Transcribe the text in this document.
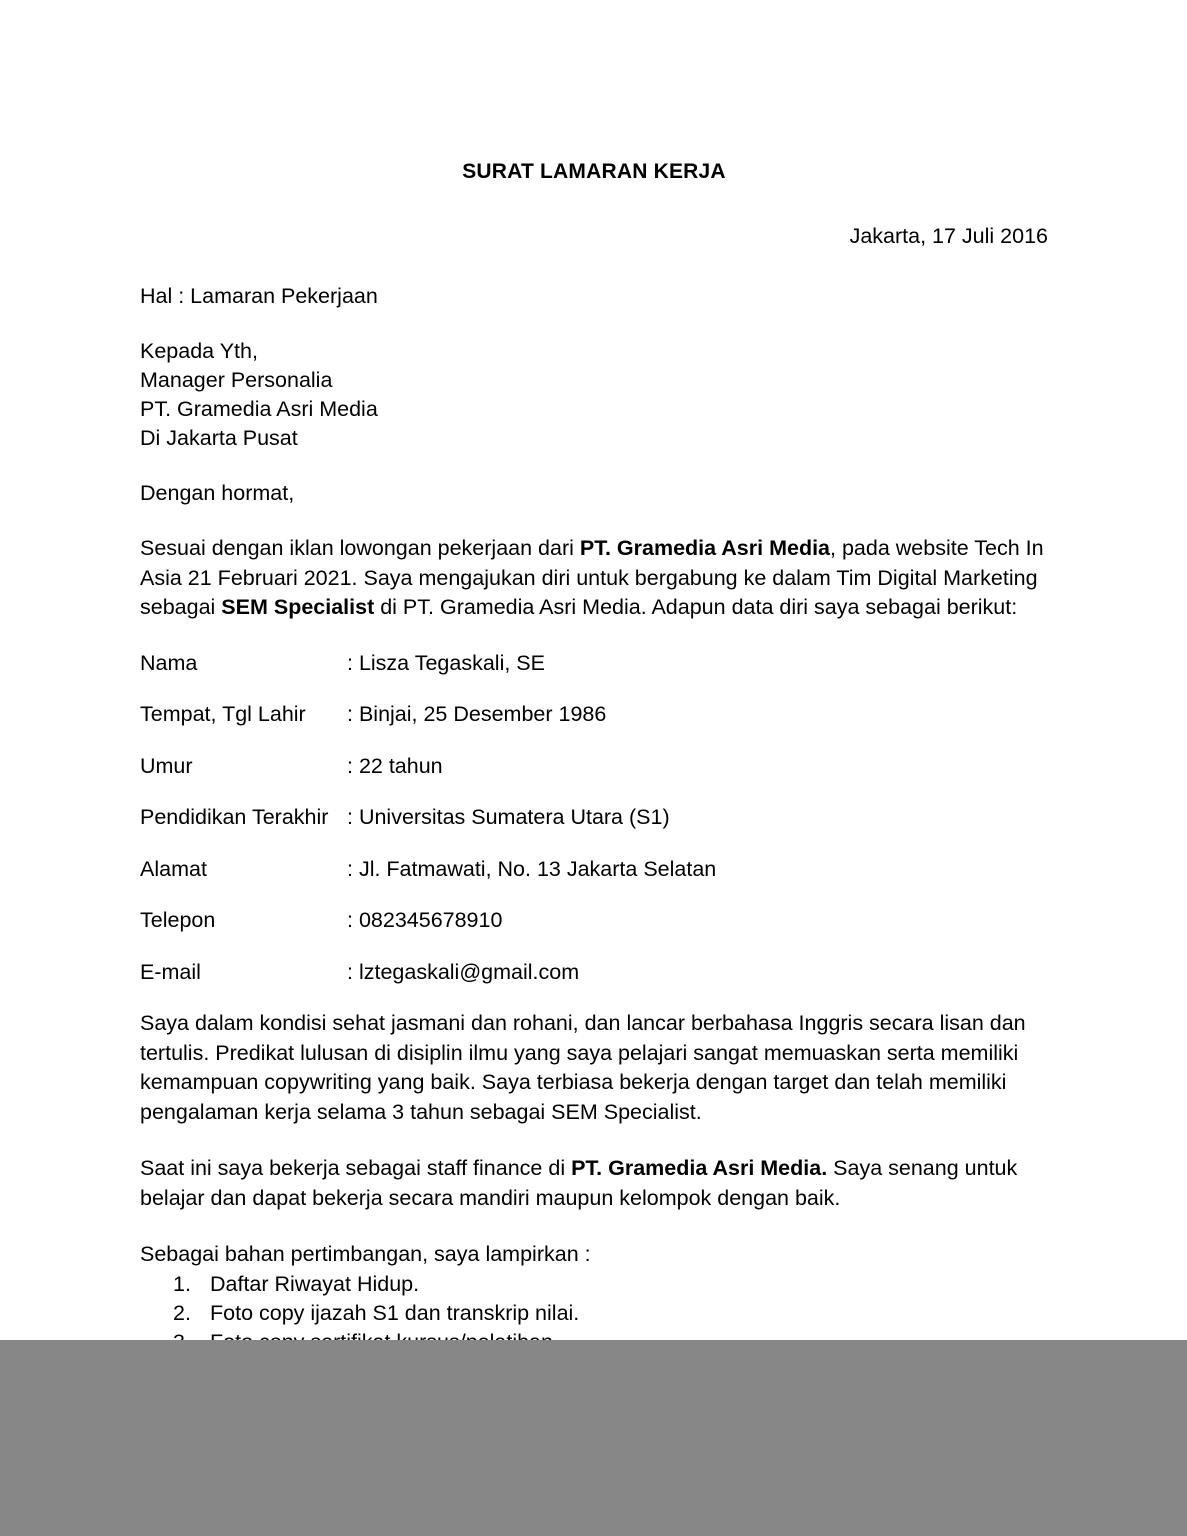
SURAT LAMARAN KERJA
Jakarta, 17 Juli 2016
Hal : Lamaran Pekerjaan
Kepada Yth,
Manager Personalia
PT. Gramedia Asri Media
Di Jakarta Pusat
Dengan hormat,
Sesuai dengan iklan lowongan pekerjaan dari PT. Gramedia Asri Media, pada website Tech In Asia 21 Februari 2021. Saya mengajukan diri untuk bergabung ke dalam Tim Digital Marketing sebagai SEM Specialist di PT. Gramedia Asri Media. Adapun data diri saya sebagai berikut:
Nama	: Lisza Tegaskali, SE
Tempat, Tgl Lahir	: Binjai, 25 Desember 1986
Umur	: 22 tahun
Pendidikan Terakhir : Universitas Sumatera Utara (S1)
Alamat	: Jl. Fatmawati, No. 13 Jakarta Selatan
Telepon	: 082345678910
E-mail	: lztegaskali@gmail.com
Saya dalam kondisi sehat jasmani dan rohani, dan lancar berbahasa Inggris secara lisan dan tertulis. Predikat lulusan di disiplin ilmu yang saya pelajari sangat memuaskan serta memiliki kemampuan copywriting yang baik. Saya terbiasa bekerja dengan target dan telah memiliki pengalaman kerja selama 3 tahun sebagai SEM Specialist.
Saat ini saya bekerja sebagai staff finance di PT. Gramedia Asri Media. Saya senang untuk belajar dan dapat bekerja secara mandiri maupun kelompok dengan baik.
Sebagai bahan pertimbangan, saya lampirkan :
1. Daftar Riwayat Hidup.
2. Foto copy ijazah S1 dan transkrip nilai.
